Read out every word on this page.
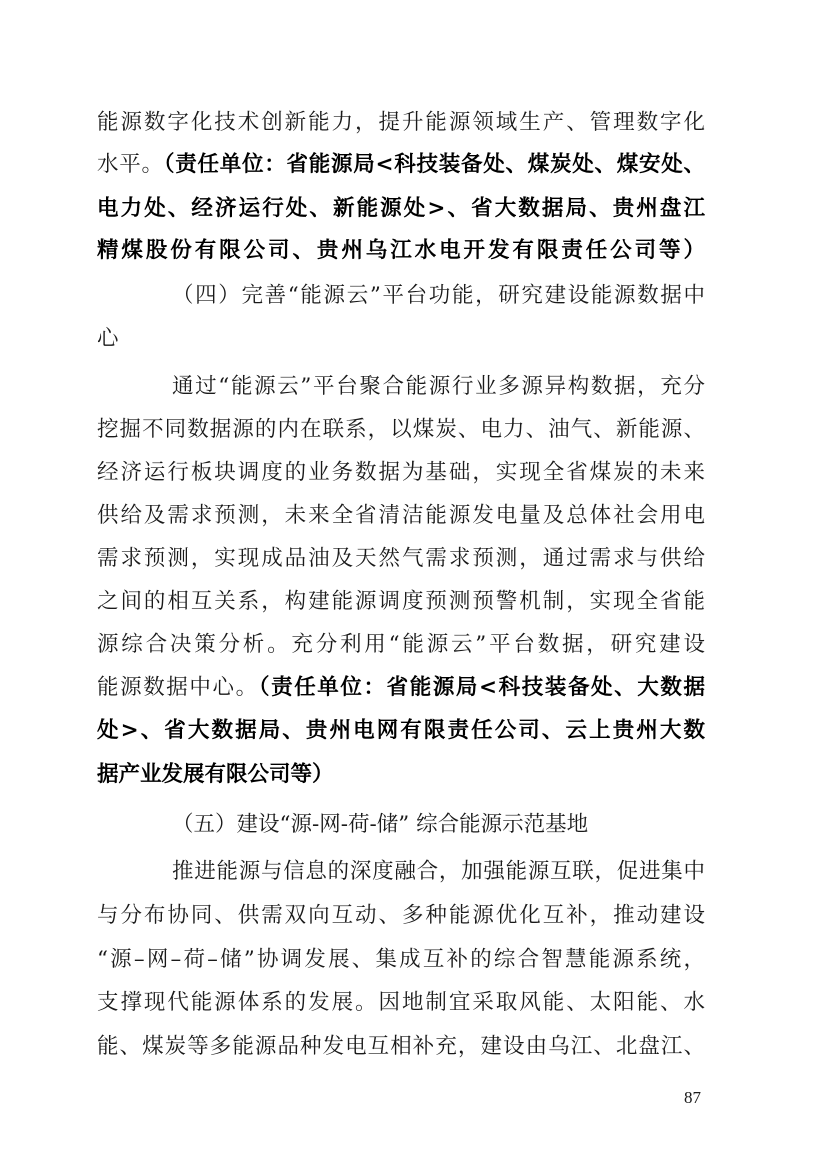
能源数字化技术创新能力，提升能源领域生产、管理数字化
水平。（责任单位：省能源局<科技装备处、煤炭处、煤安处、
电力处、经济运行处、新能源处>、省大数据局、贵州盘江
精煤股份有限公司、贵州乌江水电开发有限责任公司等）
（四）完善“能源云”平台功能，研究建设能源数据中
心
通过“能源云”平台聚合能源行业多源异构数据，充分
挖掘不同数据源的内在联系，以煤炭、电力、油气、新能源、
经济运行板块调度的业务数据为基础，实现全省煤炭的未来
供给及需求预测，未来全省清洁能源发电量及总体社会用电
需求预测，实现成品油及天然气需求预测，通过需求与供给
之间的相互关系，构建能源调度预测预警机制，实现全省能
源综合决策分析。充分利用“能源云”平台数据，研究建设
能源数据中心。（责任单位：省能源局<科技装备处、大数据
处>、省大数据局、贵州电网有限责任公司、云上贵州大数
据产业发展有限公司等）
（五）建设“源-网-荷-储” 综合能源示范基地
推进能源与信息的深度融合，加强能源互联，促进集中
与分布协同、供需双向互动、多种能源优化互补，推动建设
“源–网–荷–储”协调发展、集成互补的综合智慧能源系统，
支撑现代能源体系的发展。因地制宜采取风能、太阳能、水
能、煤炭等多能源品种发电互相补充，建设由乌江、北盘江、
87
